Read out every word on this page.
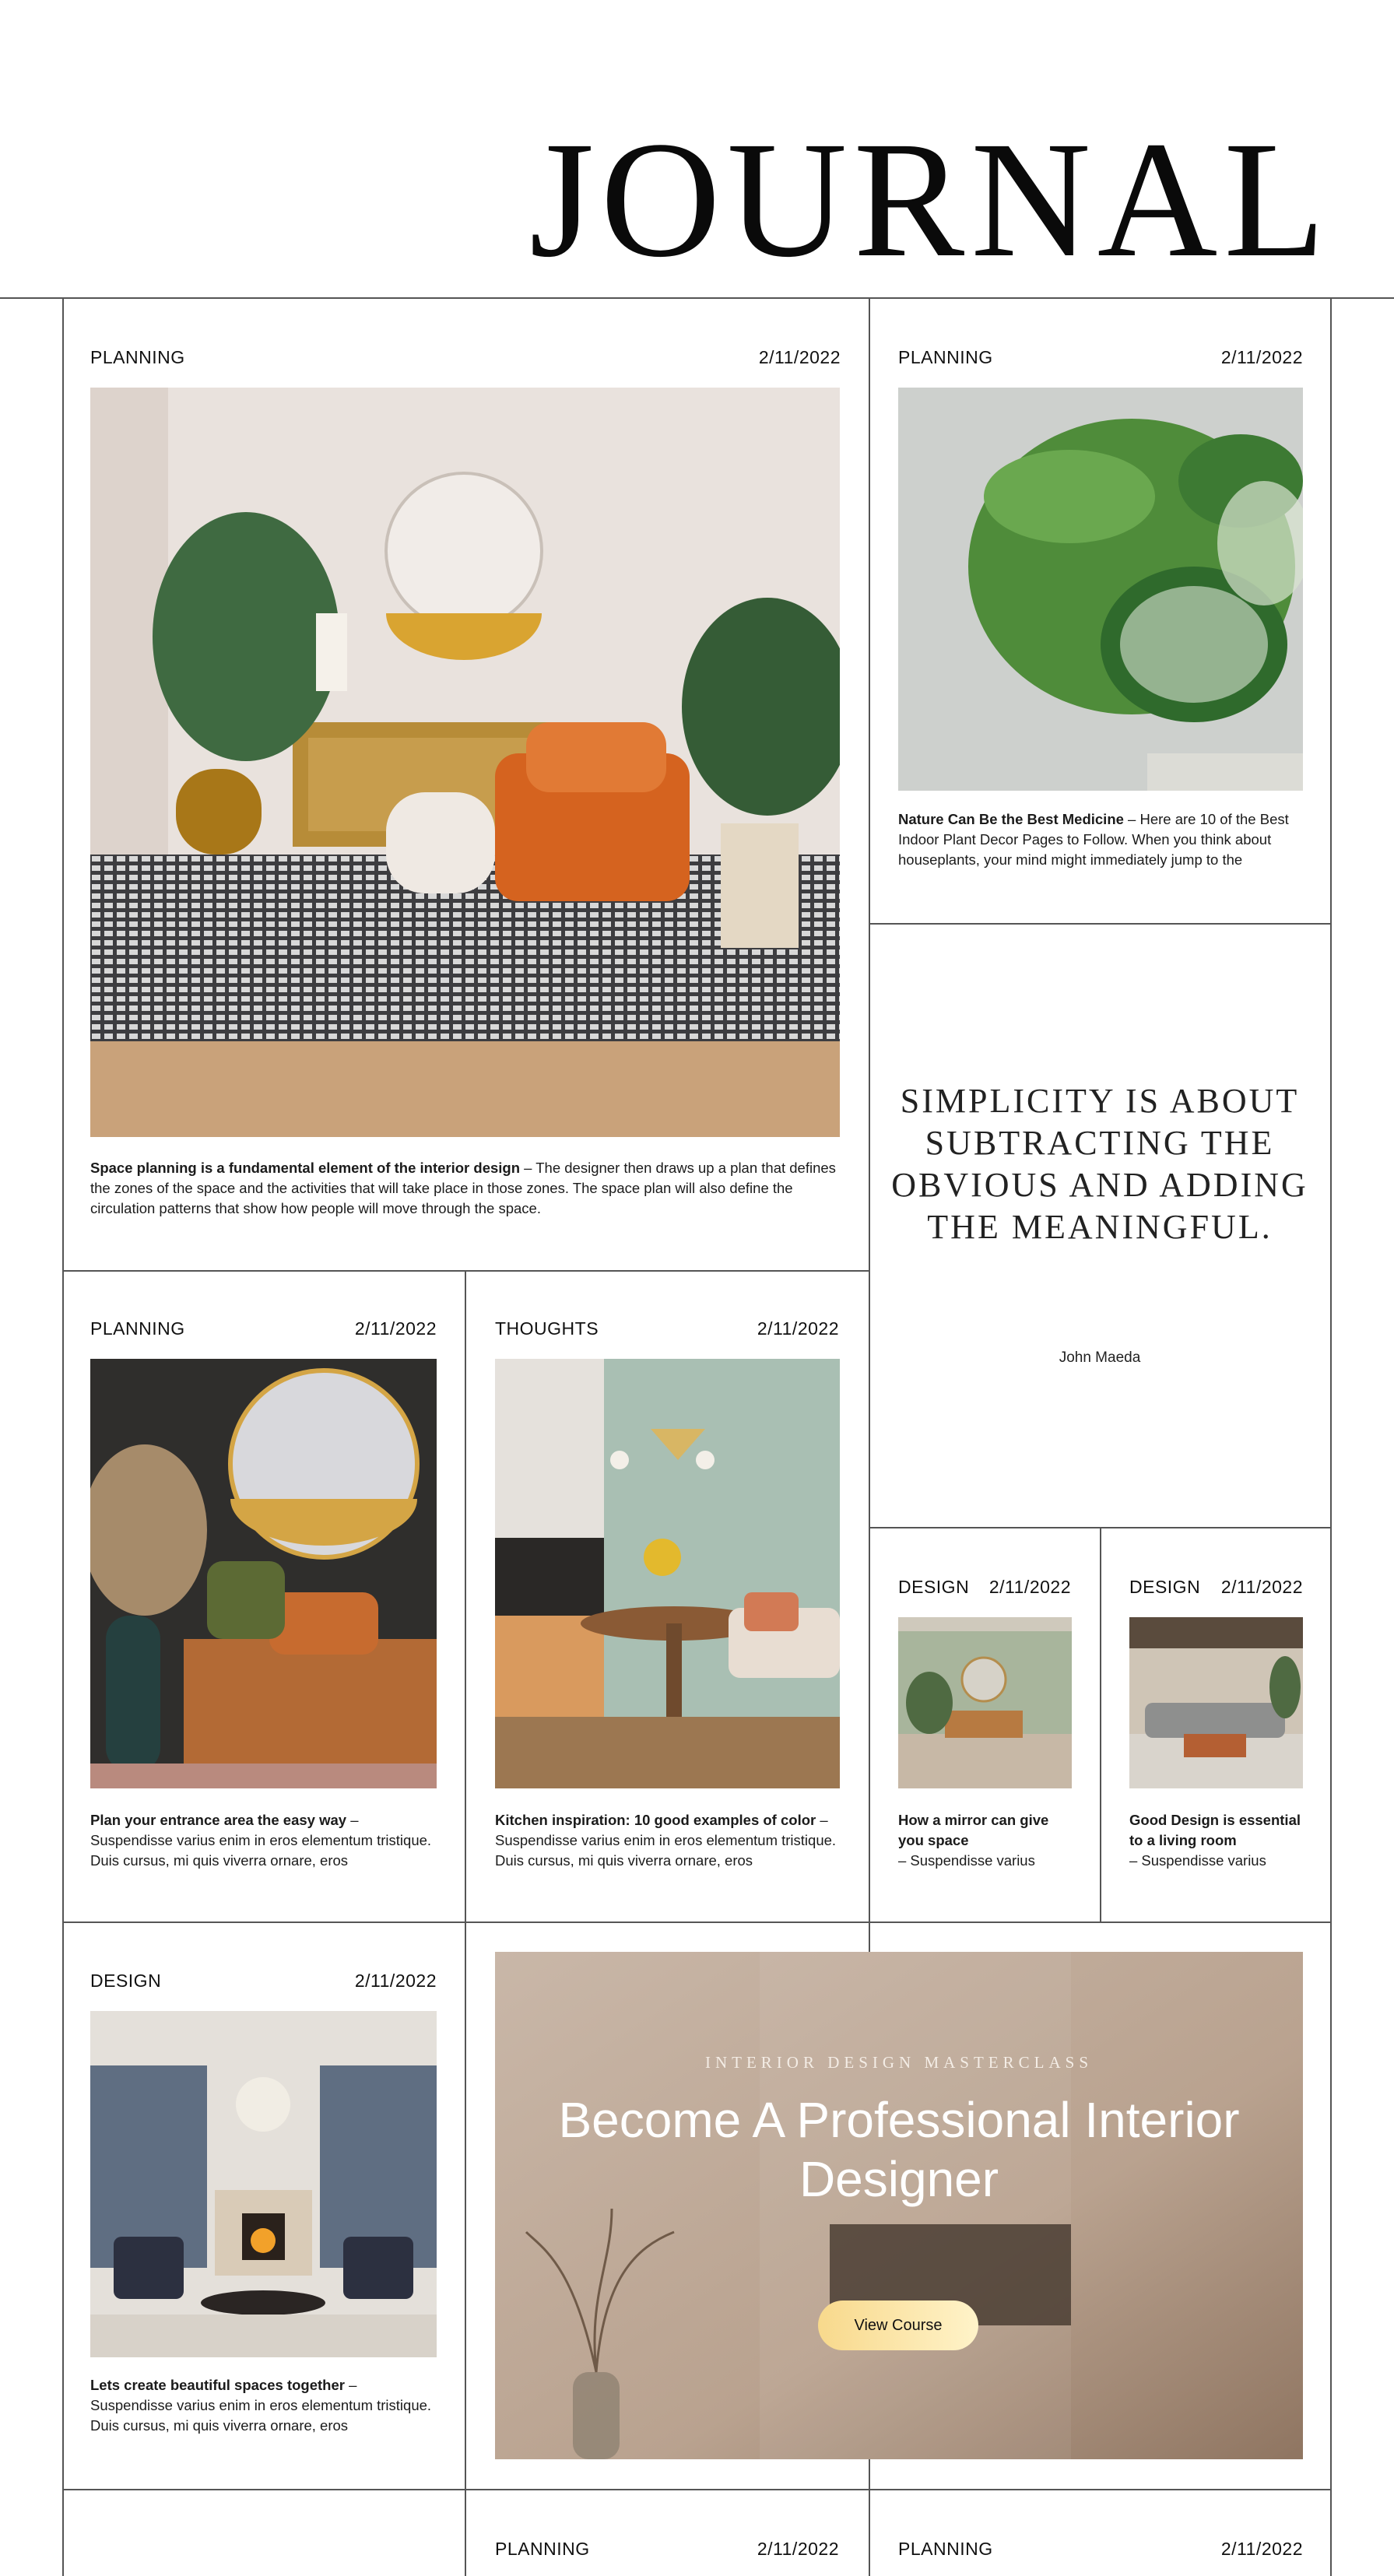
JOURNAL
PLANNING	2/11/2022

Space planning is a fundamental element of the interior design – The designer then draws up a plan that defines the zones of the space and the activities that will take place in those zones. The space plan will also define the circulation patterns that show how people will move through the space.

PLANNING	2/11/2022

Nature Can Be the Best Medicine – Here are 10 of the Best Indoor Plant Decor Pages to Follow. When you think about houseplants, your mind might immediately jump to the

SIMPLICITY IS ABOUT SUBTRACTING THE OBVIOUS AND ADDING THE MEANINGFUL.

John Maeda

PLANNING	2/11/2022

Plan your entrance area the easy way – Suspendisse varius enim in eros elementum tristique. Duis cursus, mi quis viverra ornare, eros

THOUGHTS	2/11/2022

Kitchen inspiration: 10 good examples of color – Suspendisse varius enim in eros elementum tristique. Duis cursus, mi quis viverra ornare, eros

DESIGN	2/11/2022

How a mirror can give you space
– Suspendisse varius

DESIGN	2/11/2022

Good Design is essential to a living room
– Suspendisse varius

DESIGN	2/11/2022

Lets create beautiful spaces together – Suspendisse varius enim in eros elementum tristique. Duis cursus, mi quis viverra ornare, eros

INTERIOR DESIGN MASTERCLASS
Become A Professional Interior Designer
View Course
PLANNING	2/11/2022	PLANNING	2/11/2022
